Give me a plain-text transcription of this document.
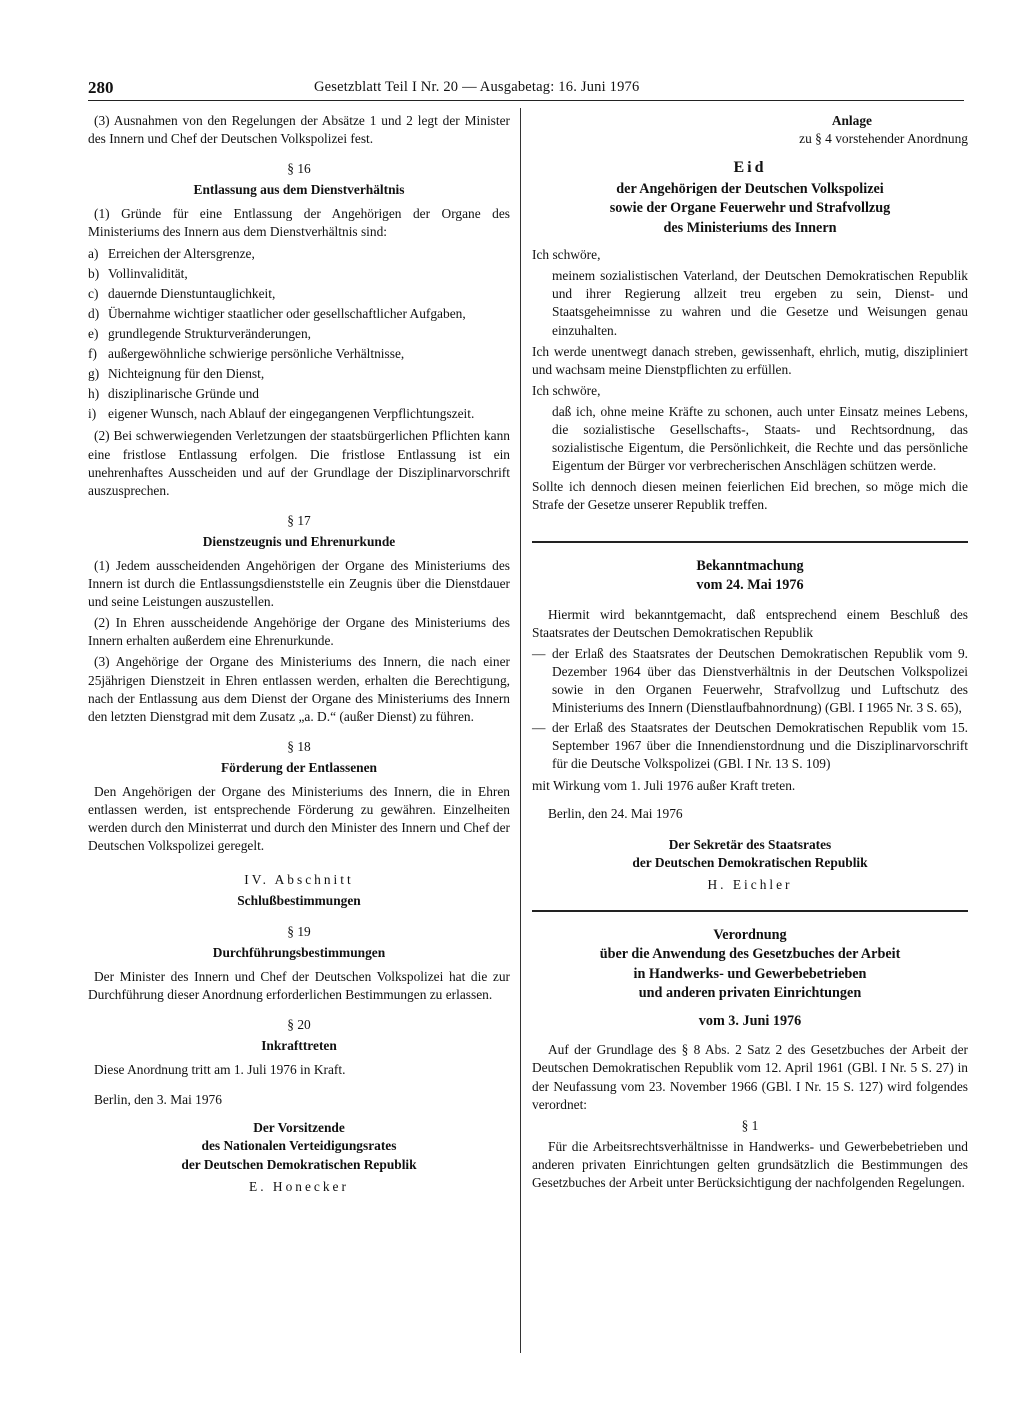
280	Gesetzblatt Teil I Nr. 20 — Ausgabetag: 16. Juni 1976

(3) Ausnahmen von den Regelungen der Absätze 1 und 2 legt der Minister des Innern und Chef der Deutschen Volkspolizei fest.

§ 16
Entlassung aus dem Dienstverhältnis

(1) Gründe für eine Entlassung der Angehörigen der Organe des Ministeriums des Innern aus dem Dienstverhältnis sind:

a) Erreichen der Altersgrenze,
b) Vollinvalidität,
c) dauernde Dienstuntauglichkeit,
d) Übernahme wichtiger staatlicher oder gesellschaftlicher Aufgaben,
e) grundlegende Strukturveränderungen,
f) außergewöhnliche schwierige persönliche Verhältnisse,
g) Nichteignung für den Dienst,
h) disziplinarische Gründe und
i) eigener Wunsch, nach Ablauf der eingegangenen Verpflichtungszeit.

(2) Bei schwerwiegenden Verletzungen der staatsbürgerlichen Pflichten kann eine fristlose Entlassung erfolgen. Die fristlose Entlassung ist ein unehrenhaftes Ausscheiden und auf der Grundlage der Disziplinarvorschrift auszusprechen.

§ 17
Dienstzeugnis und Ehrenurkunde

(1) Jedem ausscheidenden Angehörigen der Organe des Ministeriums des Innern ist durch die Entlassungsdienststelle ein Zeugnis über die Dienstdauer und seine Leistungen auszustellen.

(2) In Ehren ausscheidende Angehörige der Organe des Ministeriums des Innern erhalten außerdem eine Ehrenurkunde.

(3) Angehörige der Organe des Ministeriums des Innern, die nach einer 25jährigen Dienstzeit in Ehren entlassen werden, erhalten die Berechtigung, nach der Entlassung aus dem Dienst der Organe des Ministeriums des Innern den letzten Dienstgrad mit dem Zusatz „a. D.“ (außer Dienst) zu führen.

§ 18
Förderung der Entlassenen

Den Angehörigen der Organe des Ministeriums des Innern, die in Ehren entlassen werden, ist entsprechende Förderung zu gewähren. Einzelheiten werden durch den Ministerrat und durch den Minister des Innern und Chef der Deutschen Volkspolizei geregelt.

IV. Abschnitt
Schlußbestimmungen
§ 19
Durchführungsbestimmungen

Der Minister des Innern und Chef der Deutschen Volkspolizei hat die zur Durchführung dieser Anordnung erforderlichen Bestimmungen zu erlassen.

§ 20
Inkrafttreten

Diese Anordnung tritt am 1. Juli 1976 in Kraft.

Berlin, den 3. Mai 1976

Der Vorsitzende

des Nationalen Verteidigungsrates

der Deutschen Demokratischen Republik

E. Honecker

Anlage
zu § 4 vorstehender Anordnung
Eid
der Angehörigen der Deutschen Volkspolizei
sowie der Organe Feuerwehr und Strafvollzug
des Ministeriums des Innern

Ich schwöre,

meinem sozialistischen Vaterland, der Deutschen Demokratischen Republik und ihrer Regierung allzeit treu ergeben zu sein, Dienst- und Staatsgeheimnisse zu wahren und die Gesetze und Weisungen genau einzuhalten.

Ich werde unentwegt danach streben, gewissenhaft, ehrlich, mutig, diszipliniert und wachsam meine Dienstpflichten zu erfüllen.

Ich schwöre,

daß ich, ohne meine Kräfte zu schonen, auch unter Einsatz meines Lebens, die sozialistische Gesellschafts-, Staats- und Rechtsordnung, das sozialistische Eigentum, die Persönlichkeit, die Rechte und das persönliche Eigentum der Bürger vor verbrecherischen Anschlägen schützen werde.

Sollte ich dennoch diesen meinen feierlichen Eid brechen, so möge mich die Strafe der Gesetze unserer Republik treffen.

Bekanntmachung
vom 24. Mai 1976

Hiermit wird bekanntgemacht, daß entsprechend einem Beschluß des Staatsrates der Deutschen Demokratischen Republik

— der Erlaß des Staatsrates der Deutschen Demokratischen Republik vom 9. Dezember 1964 über das Dienstverhältnis in der Deutschen Volkspolizei sowie in den Organen Feuerwehr, Strafvollzug und Luftschutz des Ministeriums des Innern (Dienstlaufbahnordnung) (GBl. I 1965 Nr. 3 S. 65),
— der Erlaß des Staatsrates der Deutschen Demokratischen Republik vom 15. September 1967 über die Innendienstordnung und die Disziplinarvorschrift für die Deutsche Volkspolizei (GBl. I Nr. 13 S. 109)

mit Wirkung vom 1. Juli 1976 außer Kraft treten.

Berlin, den 24. Mai 1976

Der Sekretär des Staatsrates

der Deutschen Demokratischen Republik

H. Eichler

Verordnung
über die Anwendung des Gesetzbuches der Arbeit
in Handwerks- und Gewerbebetrieben
und anderen privaten Einrichtungen
vom 3. Juni 1976

Auf der Grundlage des § 8 Abs. 2 Satz 2 des Gesetzbuches der Arbeit der Deutschen Demokratischen Republik vom 12. April 1961 (GBl. I Nr. 5 S. 27) in der Neufassung vom 23. November 1966 (GBl. I Nr. 15 S. 127) wird folgendes verordnet:

§ 1

Für die Arbeitsrechtsverhältnisse in Handwerks- und Gewerbebetrieben und anderen privaten Einrichtungen gelten grundsätzlich die Bestimmungen des Gesetzbuches der Arbeit unter Berücksichtigung der nachfolgenden Regelungen.
